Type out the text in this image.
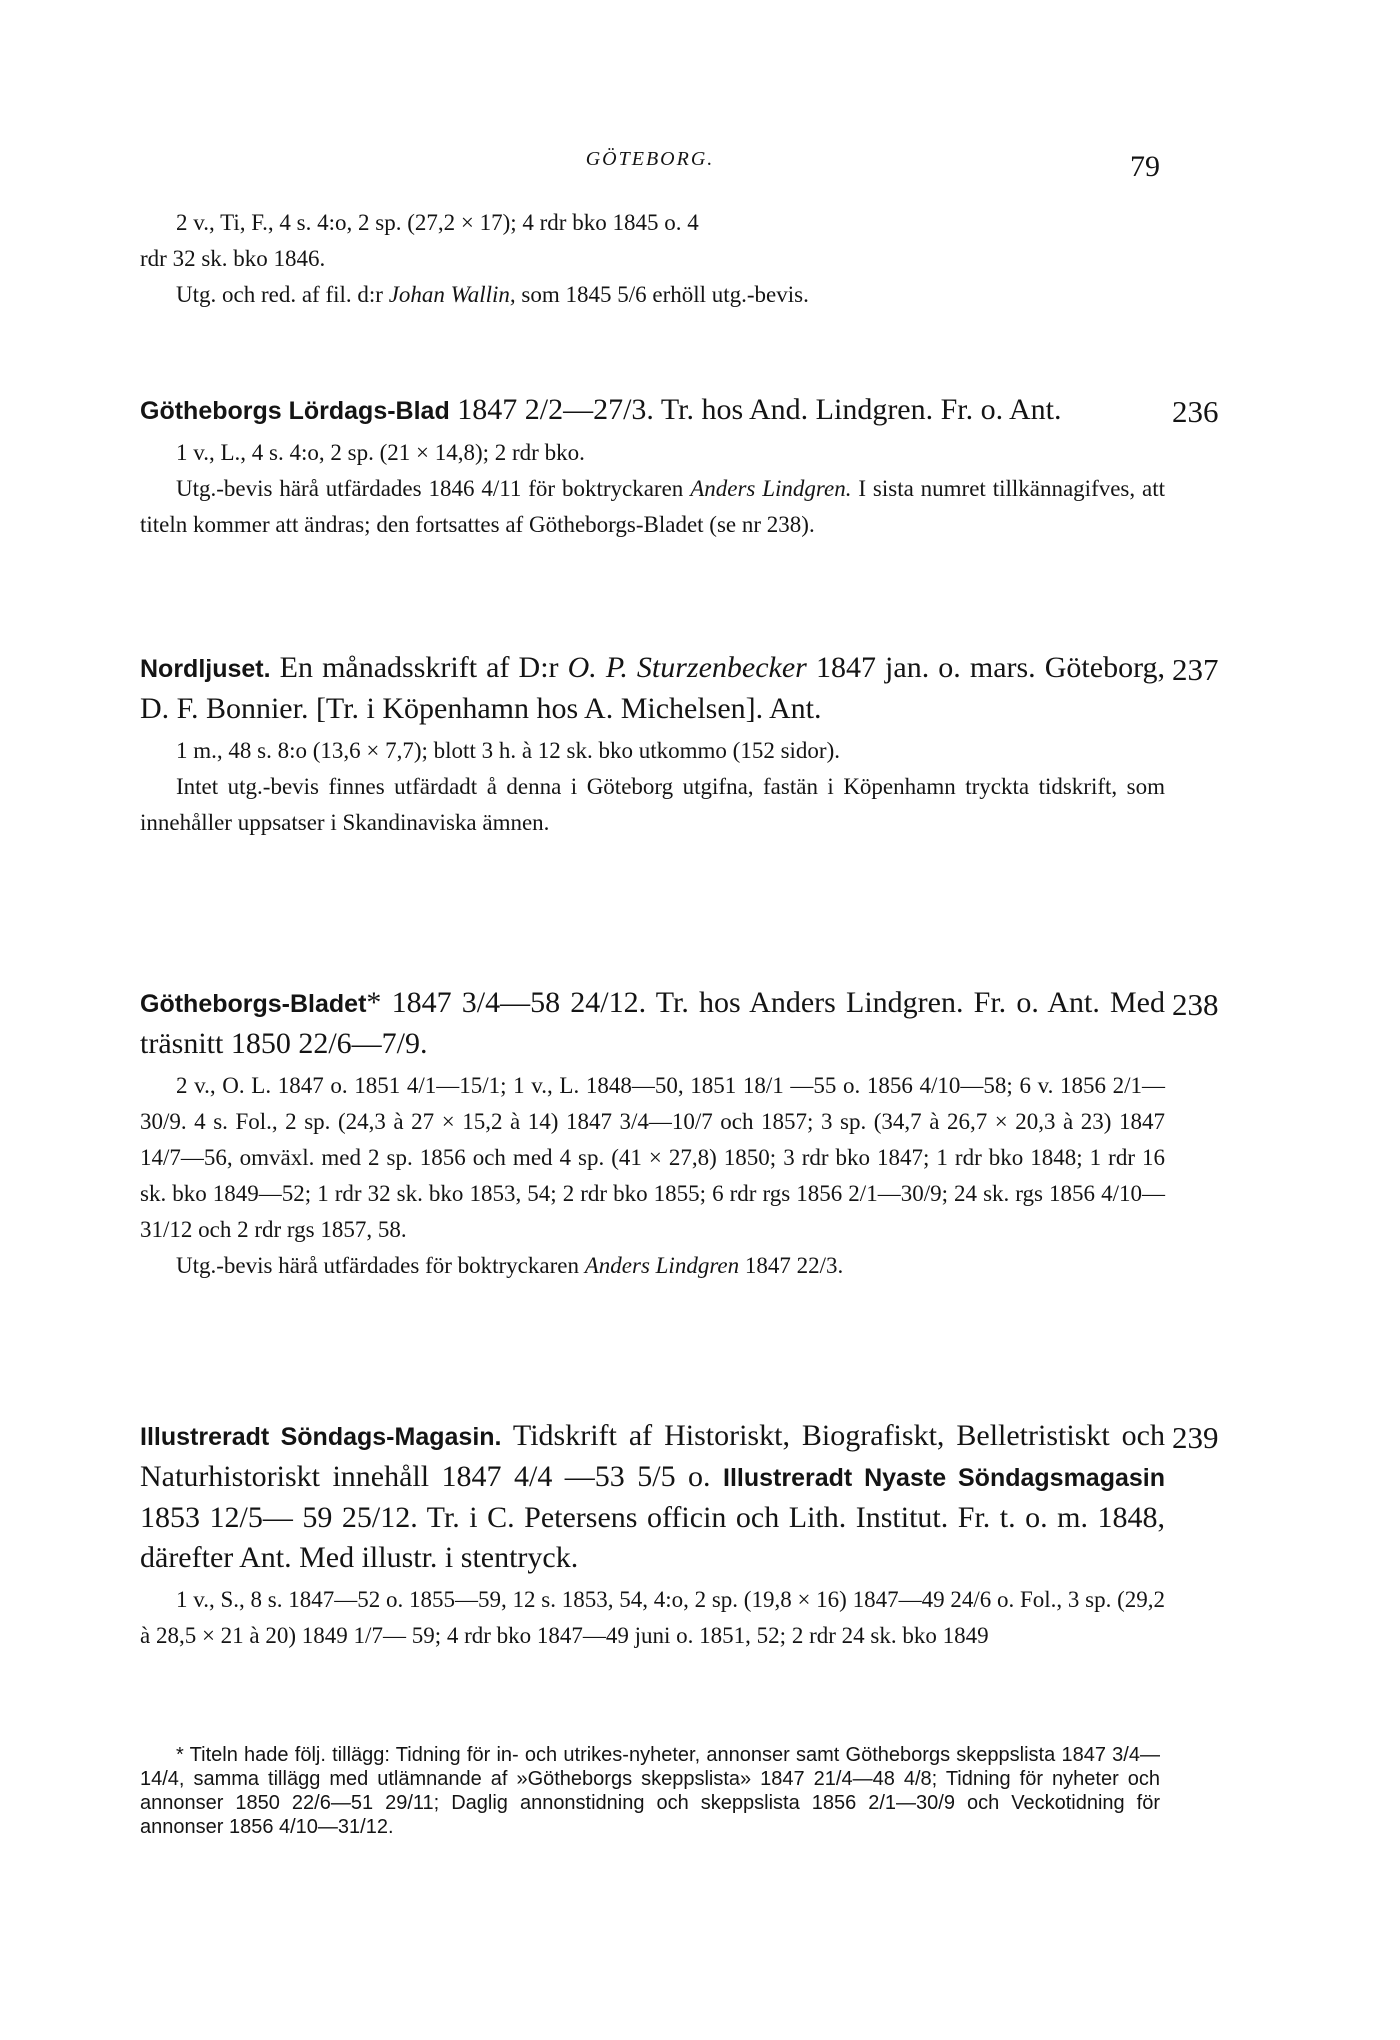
GÖTEBORG.	79

2 v., Ti, F., 4 s. 4:o, 2 sp. (27,2 × 17); 4 rdr bko 1845 o. 4

rdr 32 sk. bko 1846.

Utg. och red. af fil. d:r Johan Wallin, som 1845 5/6 erhöll utg.-bevis.

236
Götheborgs Lördags-Blad 1847 2/2—27/3. Tr. hos And. Lindgren. Fr. o. Ant.

1 v., L., 4 s. 4:o, 2 sp. (21 × 14,8); 2 rdr bko.

Utg.-bevis härå utfärdades 1846 4/11 för boktryckaren Anders Lindgren. I sista numret tillkännagifves, att titeln kommer att ändras; den fortsattes af Götheborgs-Bladet (se nr 238).

237
Nordljuset. En månadsskrift af D:r O. P. Sturzenbecker 1847 jan. o. mars. Göteborg, D. F. Bonnier. [Tr. i Köpenhamn hos A. Michelsen]. Ant.

1 m., 48 s. 8:o (13,6 × 7,7); blott 3 h. à 12 sk. bko utkommo (152 sidor).

Intet utg.-bevis finnes utfärdadt å denna i Göteborg utgifna, fastän i Köpenhamn tryckta tidskrift, som innehåller uppsatser i Skandinaviska ämnen.

238
Götheborgs-Bladet* 1847 3/4—58 24/12. Tr. hos Anders Lindgren. Fr. o. Ant. Med träsnitt 1850 22/6—7/9.

2 v., O. L. 1847 o. 1851 4/1—15/1; 1 v., L. 1848—50, 1851 18/1 —55 o. 1856 4/10—58; 6 v. 1856 2/1—30/9. 4 s. Fol., 2 sp. (24,3 à 27 × 15,2 à 14) 1847 3/4—10/7 och 1857; 3 sp. (34,7 à 26,7 × 20,3 à 23) 1847 14/7—56, omväxl. med 2 sp. 1856 och med 4 sp. (41 × 27,8) 1850; 3 rdr bko 1847; 1 rdr bko 1848; 1 rdr 16 sk. bko 1849—52; 1 rdr 32 sk. bko 1853, 54; 2 rdr bko 1855; 6 rdr rgs 1856 2/1—30/9; 24 sk. rgs 1856 4/10—31/12 och 2 rdr rgs 1857, 58.

Utg.-bevis härå utfärdades för boktryckaren Anders Lindgren 1847 22/3.

239
Illustreradt Söndags-Magasin. Tidskrift af Historiskt, Biografiskt, Belletristiskt och Naturhistoriskt innehåll 1847 4/4 —53 5/5 o. Illustreradt Nyaste Söndagsmagasin 1853 12/5— 59 25/12. Tr. i C. Petersens officin och Lith. Institut. Fr. t. o. m. 1848, därefter Ant. Med illustr. i stentryck.

1 v., S., 8 s. 1847—52 o. 1855—59, 12 s. 1853, 54, 4:o, 2 sp. (19,8 × 16) 1847—49 24/6 o. Fol., 3 sp. (29,2 à 28,5 × 21 à 20) 1849 1/7— 59; 4 rdr bko 1847—49 juni o. 1851, 52; 2 rdr 24 sk. bko 1849

* Titeln hade följ. tillägg: Tidning för in- och utrikes-nyheter, annonser samt Götheborgs skeppslista 1847 3/4—14/4, samma tillägg med utlämnande af »Götheborgs skeppslista» 1847 21/4—48 4/8; Tidning för nyheter och annonser 1850 22/6—51 29/11; Daglig annonstidning och skeppslista 1856 2/1—30/9 och Veckotidning för annonser 1856 4/10—31/12.
